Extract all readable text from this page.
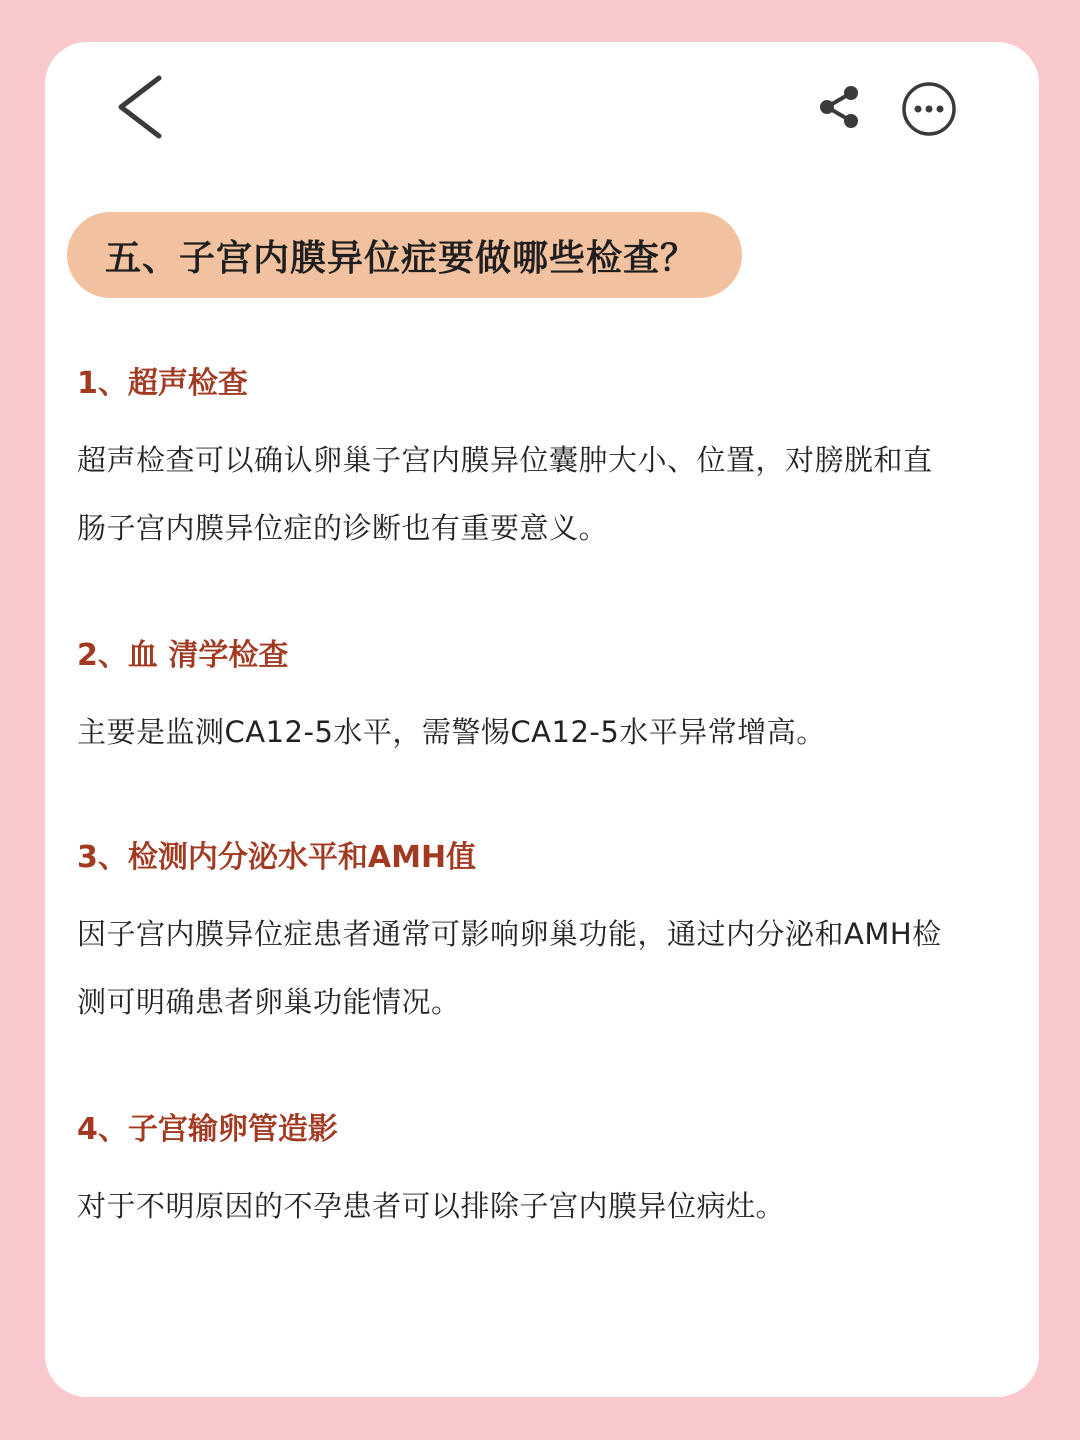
五、子宫内膜异位症要做哪些检查？
1、超声检查
超声检查可以确认卵巢子宫内膜异位囊肿大小、位置，对膀胱和直
肠子宫内膜异位症的诊断也有重要意义。
2、血 清学检查
主要是监测CA12-5水平，需警惕CA12-5水平异常增高。
3、检测内分泌水平和AMH值
因子宫内膜异位症患者通常可影响卵巢功能，通过内分泌和AMH检
测可明确患者卵巢功能情况。
4、子宫输卵管造影
对于不明原因的不孕患者可以排除子宫内膜异位病灶。
